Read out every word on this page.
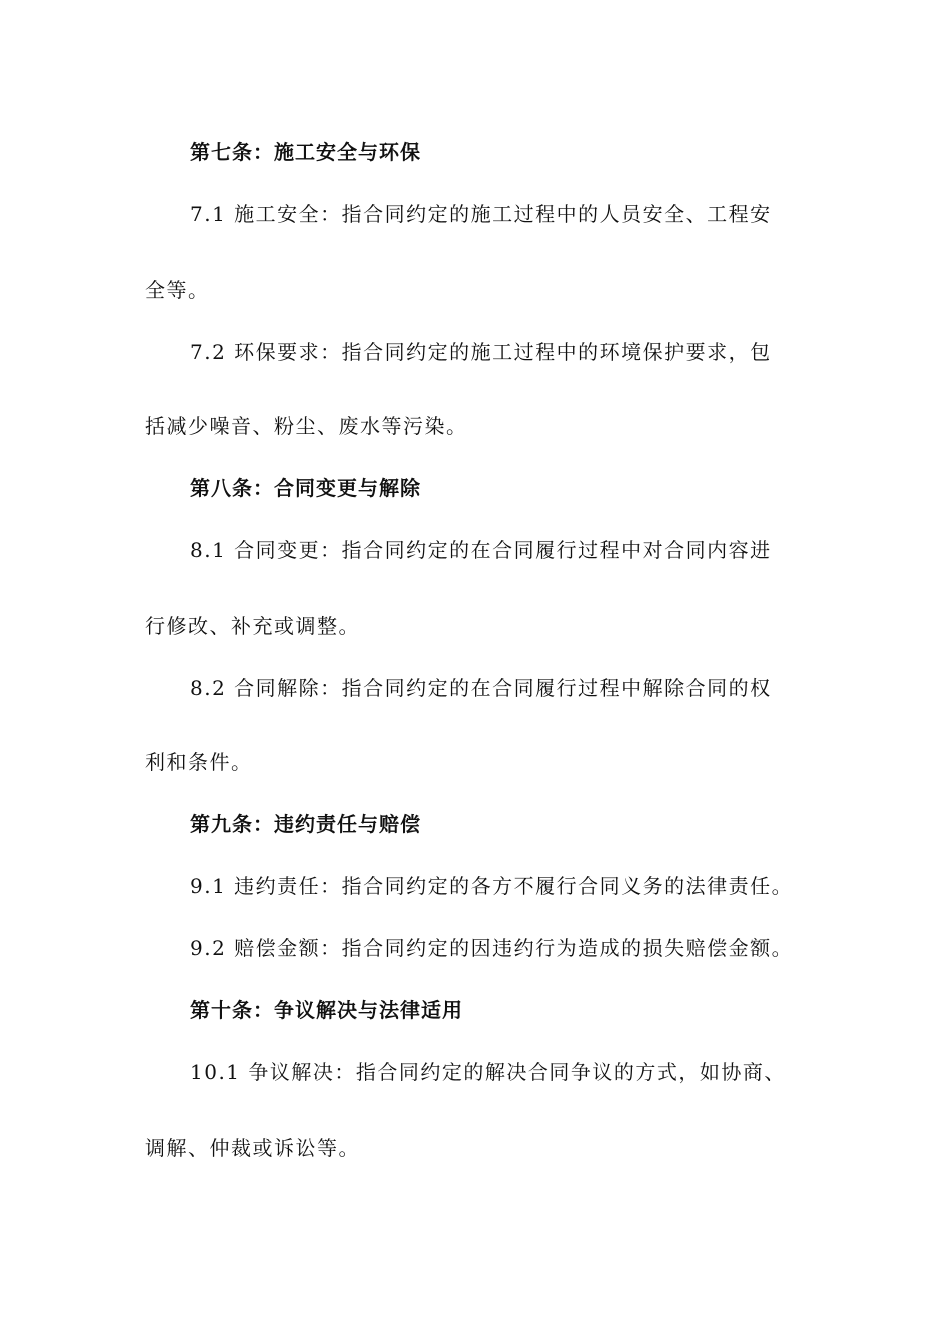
第七条：施工安全与环保
7.1 施工安全：指合同约定的施工过程中的人员安全、工程安
全等。
7.2 环保要求：指合同约定的施工过程中的环境保护要求，包
括减少噪音、粉尘、废水等污染。
第八条：合同变更与解除
8.1 合同变更：指合同约定的在合同履行过程中对合同内容进
行修改、补充或调整。
8.2 合同解除：指合同约定的在合同履行过程中解除合同的权
利和条件。
第九条：违约责任与赔偿
9.1 违约责任：指合同约定的各方不履行合同义务的法律责任。
9.2 赔偿金额：指合同约定的因违约行为造成的损失赔偿金额。
第十条：争议解决与法律适用
10.1 争议解决：指合同约定的解决合同争议的方式，如协商、
调解、仲裁或诉讼等。
